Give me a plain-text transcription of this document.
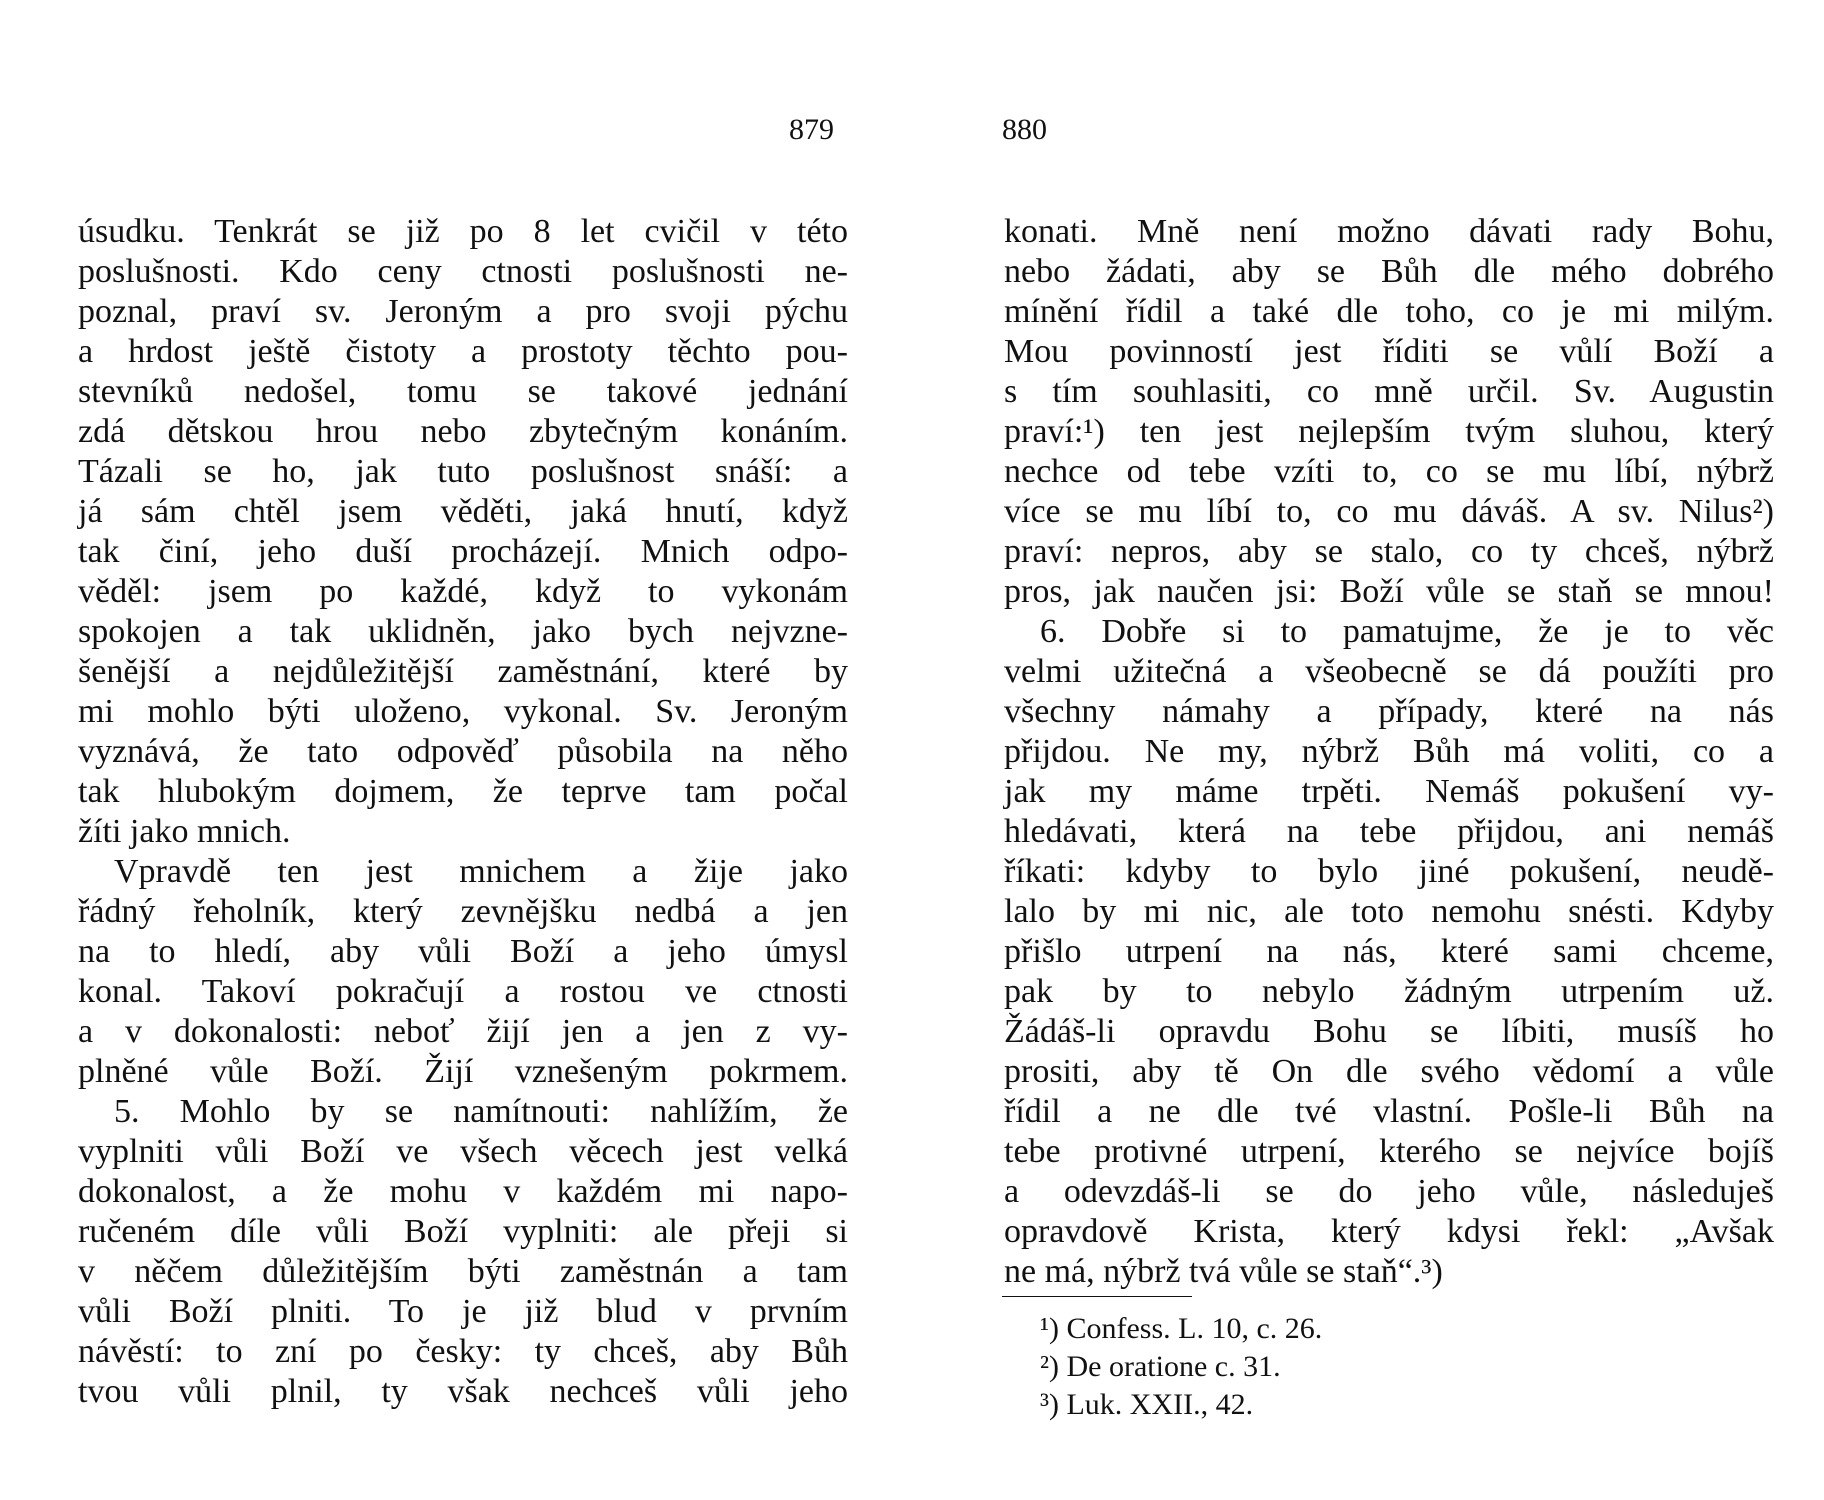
879	880
úsudku. Tenkrát se již po 8 let cvičil v této
poslušnosti. Kdo ceny ctnosti poslušnosti ne-
poznal, praví sv. Jeroným a pro svoji pýchu
a hrdost ještě čistoty a prostoty těchto pou-
stevníků nedošel, tomu se takové jednání
zdá dětskou hrou nebo zbytečným konáním.
Tázali se ho, jak tuto poslušnost snáší: a
já sám chtěl jsem věděti, jaká hnutí, když
tak činí, jeho duší procházejí. Mnich odpo-
věděl: jsem po každé, když to vykonám
spokojen a tak uklidněn, jako bych nejvzne-
šenější a nejdůležitější zaměstnání, které by
mi mohlo býti uloženo, vykonal. Sv. Jeroným
vyznává, že tato odpověď působila na něho
tak hlubokým dojmem, že teprve tam počal
žíti jako mnich.
Vpravdě ten jest mnichem a žije jako
řádný řeholník, který zevnějšku nedbá a jen
na to hledí, aby vůli Boží a jeho úmysl
konal. Takoví pokračují a rostou ve ctnosti
a v dokonalosti: neboť žijí jen a jen z vy-
plněné vůle Boží. Žijí vznešeným pokrmem.
5. Mohlo by se namítnouti: nahlížím, že
vyplniti vůli Boží ve všech věcech jest velká
dokonalost, a že mohu v každém mi napo-
ručeném díle vůli Boží vyplniti: ale přeji si
v něčem důležitějším býti zaměstnán a tam
vůli Boží plniti. To je již blud v prvním
návěstí: to zní po česky: ty chceš, aby Bůh
tvou vůli plnil, ty však nechceš vůli jeho
konati. Mně není možno dávati rady Bohu,
nebo žádati, aby se Bůh dle mého dobrého
mínění řídil a také dle toho, co je mi milým.
Mou povinností jest říditi se vůlí Boží a
s tím souhlasiti, co mně určil. Sv. Augustin
praví:¹) ten jest nejlepším tvým sluhou, který
nechce od tebe vzíti to, co se mu líbí, nýbrž
více se mu líbí to, co mu dáváš. A sv. Nilus²)
praví: nepros, aby se stalo, co ty chceš, nýbrž
pros, jak naučen jsi: Boží vůle se staň se mnou!
6. Dobře si to pamatujme, že je to věc
velmi užitečná a všeobecně se dá použíti pro
všechny námahy a případy, které na nás
přijdou. Ne my, nýbrž Bůh má voliti, co a
jak my máme trpěti. Nemáš pokušení vy-
hledávati, která na tebe přijdou, ani nemáš
říkati: kdyby to bylo jiné pokušení, neudě-
lalo by mi nic, ale toto nemohu snésti. Kdyby
přišlo utrpení na nás, které sami chceme,
pak by to nebylo žádným utrpením už.
Žádáš-li opravdu Bohu se líbiti, musíš ho
prositi, aby tě On dle svého vědomí a vůle
řídil a ne dle tvé vlastní. Pošle-li Bůh na
tebe protivné utrpení, kterého se nejvíce bojíš
a odevzdáš-li se do jeho vůle, následuješ
opravdově Krista, který kdysi řekl: „Avšak
ne má, nýbrž tvá vůle se staň“.³)
¹) Confess. L. 10, c. 26.
²) De oratione c. 31.
³) Luk. XXII., 42.
